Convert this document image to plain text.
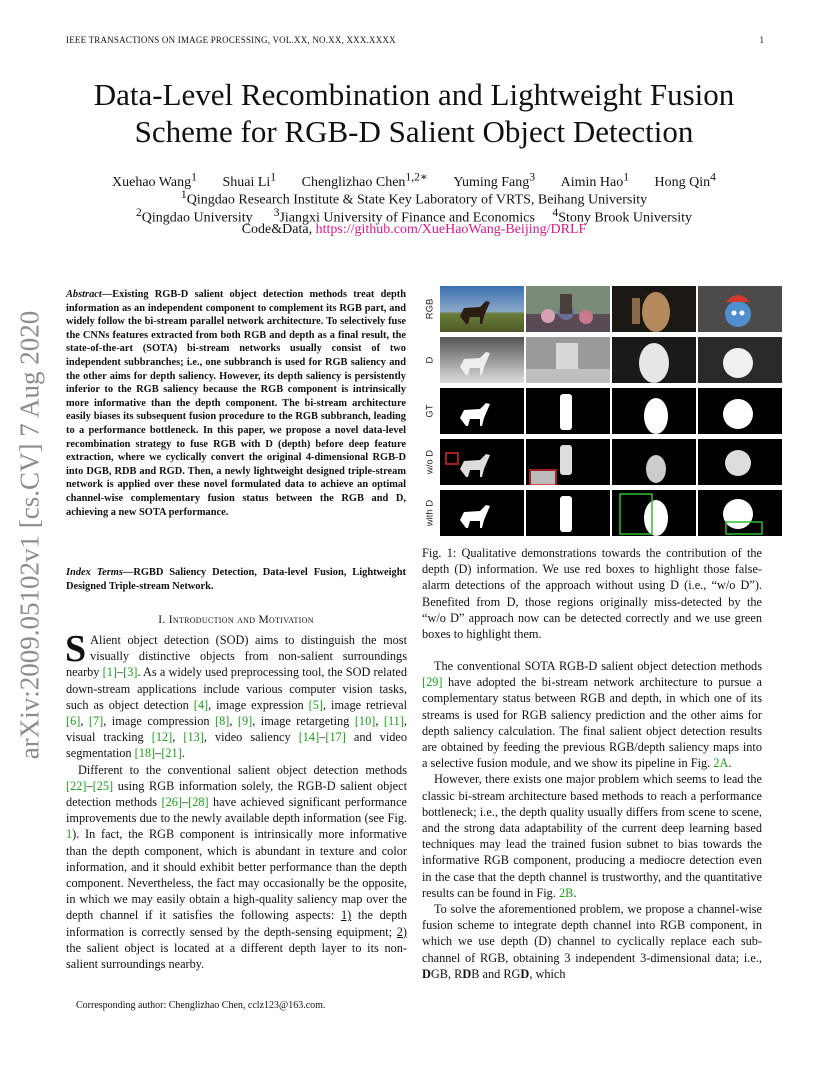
IEEE TRANSACTIONS ON IMAGE PROCESSING, VOL.XX, NO.XX, XXX.XXXX	1
Data-Level Recombination and Lightweight Fusion
Scheme for RGB-D Salient Object Detection
Xuehao Wang$^1$ Shuai Li$^1$ Chenglizhao Chen$^{1,2∗}$ Yuming Fang$^3$ Aimin Hao$^1$ Hong Qin$^4$
$^1$Qingdao Research Institute & State Key Laboratory of VRTS, Beihang University
$^2$Qingdao University $^3$Jiangxi University of Finance and Economics $^4$Stony Brook University
Code&Data, https://github.com/XueHaoWang-Beijing/DRLF
arXiv:2009.05102v1 [cs.CV] 7 Aug 2020
Abstract—Existing RGB-D salient object detection methods treat depth information as an independent component to complement its RGB part, and widely follow the bi-stream parallel network architecture. To selectively fuse the CNNs features extracted from both RGB and depth as a final result, the state-of-the-art (SOTA) bi-stream networks usually consist of two independent subbranches; i.e., one subbranch is used for RGB saliency and the other aims for depth saliency. However, its depth saliency is persistently inferior to the RGB saliency because the RGB component is intrinsically more informative than the depth component. The bi-stream architecture easily biases its subsequent fusion procedure to the RGB subbranch, leading to a performance bottleneck. In this paper, we propose a novel data-level recombination strategy to fuse RGB with D (depth) before deep feature extraction, where we cyclically convert the original 4-dimensional RGB-D into DGB, RDB and RGD. Then, a newly lightweight designed triple-stream network is applied over these novel formulated data to achieve an optimal channel-wise complementary fusion status between the RGB and D, achieving a new SOTA performance.
Index Terms—RGBD Saliency Detection, Data-level Fusion, Lightweight Designed Triple-stream Network.
I. Introduction and Motivation

S Alient object detection (SOD) aims to distinguish the most visually distinctive objects from non-salient surroundings nearby [1]–[3]. As a widely used preprocessing tool, the SOD related down-stream applications include various computer vision tasks, such as object detection [4], image expression [5], image retrieval [6], [7], image compression [8], [9], image retargeting [10], [11], visual tracking [12], [13], video saliency [14]–[17] and video segmentation [18]–[21].

Different to the conventional salient object detection methods [22]–[25] using RGB information solely, the RGB-D salient object detection methods [26]–[28] have achieved significant performance improvements due to the newly available depth information (see Fig. 1). In fact, the RGB component is intrinsically more informative than the depth component, which is abundant in texture and color information, and it should exhibit better performance than the depth component. Nevertheless, the fact may occasionally be the opposite, in which we may easily obtain a high-quality saliency map over the depth channel if it satisfies the following aspects: 1) the depth information is correctly sensed by the depth-sensing equipment; 2) the salient object is located at a different depth layer to its non-salient surroundings nearby.

Corresponding author: Chenglizhao Chen, cclz123@163.com.
RGB
D
GT
w/o D
with D
Fig. 1: Qualitative demonstrations towards the contribution of the depth (D) information. We use red boxes to highlight those false-alarm detections of the approach without using D (i.e., “w/o D”). Benefited from D, those regions originally miss-detected by the “w/o D” approach now can be detected correctly and we use green boxes to highlight them.

The conventional SOTA RGB-D salient object detection methods [29] have adopted the bi-stream network architecture to pursue a complementary status between RGB and depth, in which one of its streams is used for RGB saliency prediction and the other aims for depth saliency calculation. The final salient object detection results are obtained by feeding the previous RGB/depth saliency maps into a selective fusion module, and we show its pipeline in Fig. 2A.

However, there exists one major problem which seems to lead the classic bi-stream architecture based methods to reach a performance bottleneck; i.e., the depth quality usually differs from scene to scene, and the strong data adaptability of the current deep learning based techniques may lead the trained fusion subnet to bias towards the informative RGB component, producing a mediocre detection even in the case that the depth channel is trustworthy, and the quantitative results can be found in Fig. 2B.

To solve the aforementioned problem, we propose a channel-wise fusion scheme to integrate depth channel into RGB component, in which we use depth (D) channel to cyclically replace each sub-channel of RGB, obtaining 3 independent 3-dimensional data; i.e., DGB, RDB and RGD, which
